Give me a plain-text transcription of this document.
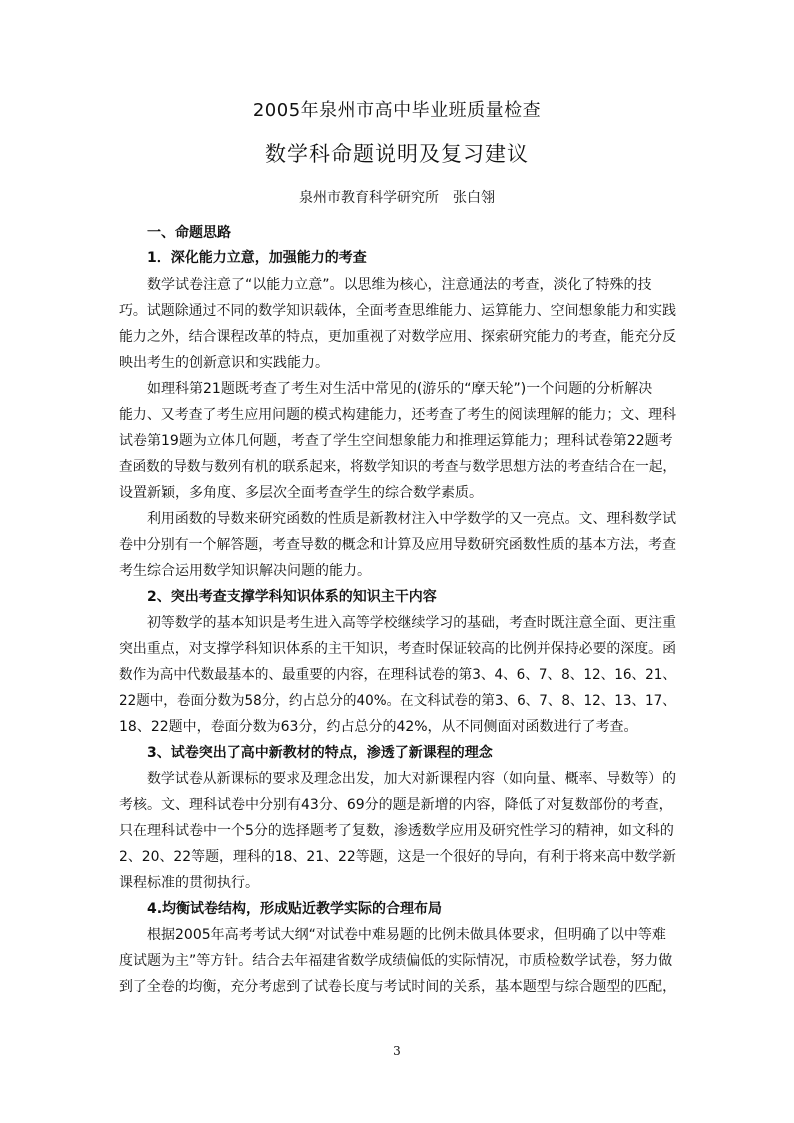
2005年泉州市高中毕业班质量检查
数学科命题说明及复习建议
泉州市教育科学研究所　张白翎
一、命题思路
1．深化能力立意，加强能力的考查
数学试卷注意了“以能力立意”。以思维为核心，注意通法的考查，淡化了特殊的技
巧。试题除通过不同的数学知识载体，全面考查思维能力、运算能力、空间想象能力和实践
能力之外，结合课程改革的特点，更加重视了对数学应用、探索研究能力的考查，能充分反
映出考生的创新意识和实践能力。
如理科第21题既考查了考生对生活中常见的(游乐的“摩天轮”)一个问题的分析解决
能力、又考查了考生应用问题的模式构建能力，还考查了考生的阅读理解的能力；文、理科
试卷第19题为立体几何题，考查了学生空间想象能力和推理运算能力；理科试卷第22题考
查函数的导数与数列有机的联系起来，将数学知识的考查与数学思想方法的考查结合在一起，
设置新颖，多角度、多层次全面考查学生的综合数学素质。
利用函数的导数来研究函数的性质是新教材注入中学数学的又一亮点。文、理科数学试
卷中分别有一个解答题，考查导数的概念和计算及应用导数研究函数性质的基本方法，考查
考生综合运用数学知识解决问题的能力。
2、突出考查支撑学科知识体系的知识主干内容
初等数学的基本知识是考生进入高等学校继续学习的基础，考查时既注意全面、更注重
突出重点，对支撑学科知识体系的主干知识，考查时保证较高的比例并保持必要的深度。函
数作为高中代数最基本的、最重要的内容，在理科试卷的第3、4、6、7、8、12、16、21、
22题中，卷面分数为58分，约占总分的40%。在文科试卷的第3、6、7、8、12、13、17、
18、22题中，卷面分数为63分，约占总分的42%，从不同侧面对函数进行了考查。
3、试卷突出了高中新教材的特点，渗透了新课程的理念
数学试卷从新课标的要求及理念出发，加大对新课程内容（如向量、概率、导数等）的
考核。文、理科试卷中分别有43分、69分的题是新增的内容，降低了对复数部份的考查，
只在理科试卷中一个5分的选择题考了复数，渗透数学应用及研究性学习的精神，如文科的
2、20、22等题，理科的18、21、22等题，这是一个很好的导向，有利于将来高中数学新
课程标准的贯彻执行。
4.均衡试卷结构，形成贴近教学实际的合理布局
根据2005年高考考试大纲“对试卷中难易题的比例未做具体要求，但明确了以中等难
度试题为主”等方针。结合去年福建省数学成绩偏低的实际情况，市质检数学试卷，努力做
到了全卷的均衡，充分考虑到了试卷长度与考试时间的关系，基本题型与综合题型的匹配，
3
